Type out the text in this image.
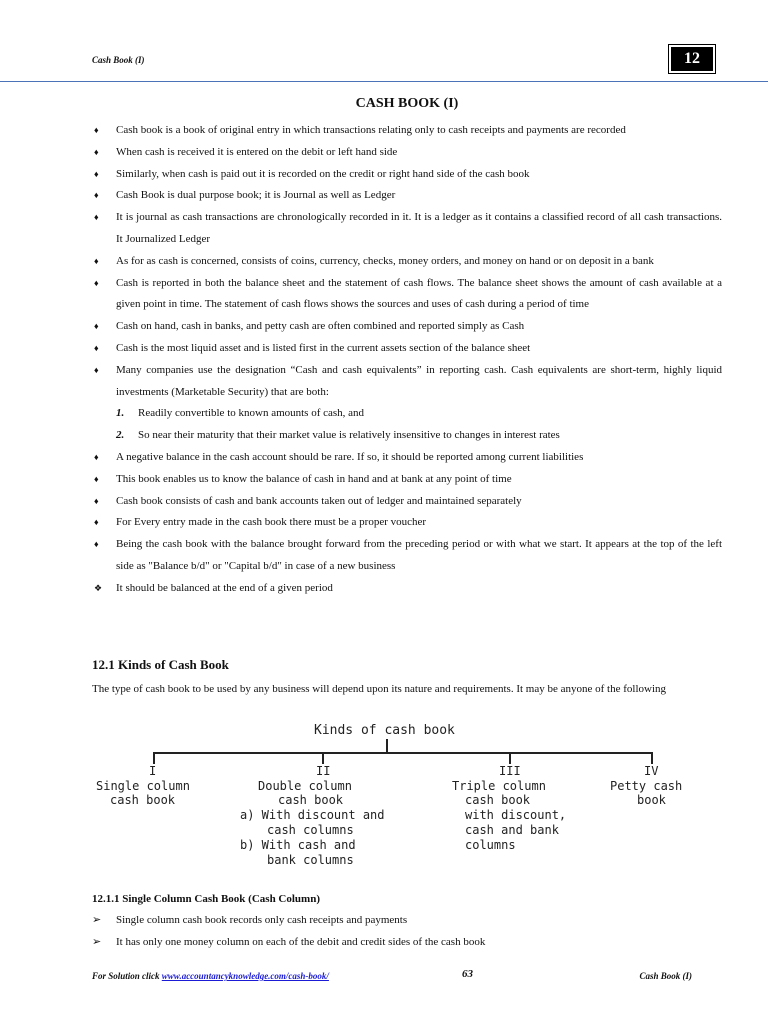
Cash Book (I)	12
CASH BOOK (I)
♦ Cash book is a book of original entry in which transactions relating only to cash receipts and payments are recorded
♦ When cash is received it is entered on the debit or left hand side
♦ Similarly, when cash is paid out it is recorded on the credit or right hand side of the cash book
♦ Cash Book is dual purpose book; it is Journal as well as Ledger
♦ It is journal as cash transactions are chronologically recorded in it. It is a ledger as it contains a classified record of all cash transactions. It Journalized Ledger
♦ As for as cash is concerned, consists of coins, currency, checks, money orders, and money on hand or on deposit in a bank
♦ Cash is reported in both the balance sheet and the statement of cash flows. The balance sheet shows the amount of cash available at a given point in time. The statement of cash flows shows the sources and uses of cash during a period of time
♦ Cash on hand, cash in banks, and petty cash are often combined and reported simply as Cash
♦ Cash is the most liquid asset and is listed first in the current assets section of the balance sheet
♦ Many companies use the designation “Cash and cash equivalents” in reporting cash. Cash equivalents are short-term, highly liquid investments (Marketable Security) that are both:
1. Readily convertible to known amounts of cash, and
2. So near their maturity that their market value is relatively insensitive to changes in interest rates
♦ A negative balance in the cash account should be rare. If so, it should be reported among current liabilities
♦ This book enables us to know the balance of cash in hand and at bank at any point of time
♦ Cash book consists of cash and bank accounts taken out of ledger and maintained separately
♦ For Every entry made in the cash book there must be a proper voucher
♦ Being the cash book with the balance brought forward from the preceding period or with what we start. It appears at the top of the left side as "Balance b/d" or "Capital b/d" in case of a new business
❖ It should be balanced at the end of a given period
12.1 Kinds of Cash Book
The type of cash book to be used by any business will depend upon its nature and requirements. It may be anyone of the following
Kinds of cash book
I
Single column
cash book
II
Double column
cash book
a) With discount and
cash columns
b) With cash and
bank columns
III
Triple column
cash book
with discount,
cash and bank
columns
IV
Petty cash
book
12.1.1 Single Column Cash Book (Cash Column)
➢ Single column cash book records only cash receipts and payments
➢ It has only one money column on each of the debit and credit sides of the cash book
For Solution click www.accountancyknowledge.com/cash-book/	63	Cash Book (I)
